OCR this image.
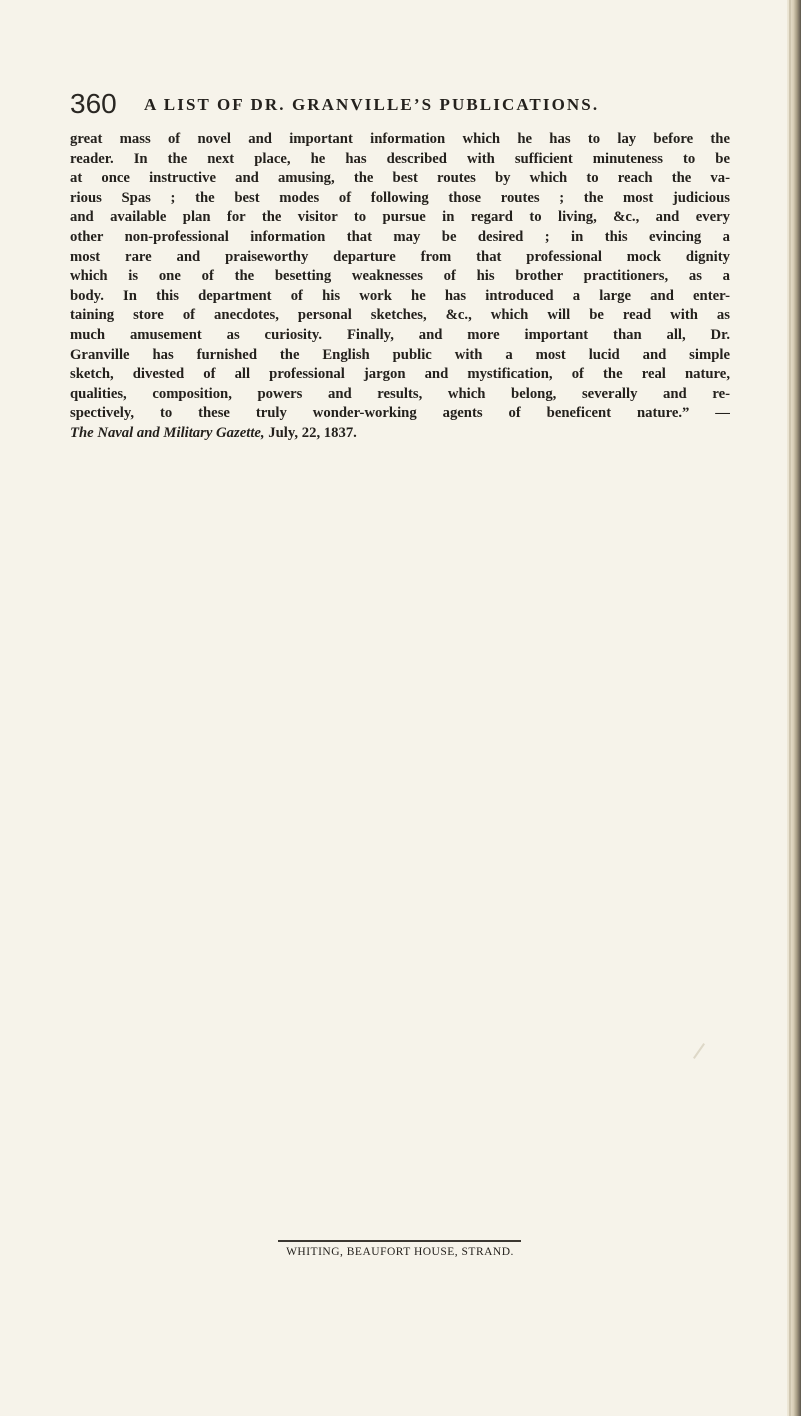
360 A LIST OF DR. GRANVILLE’S PUBLICATIONS.
great mass of novel and important information which he has to lay before the
reader. In the next place, he has described with sufficient minuteness to be
at once instructive and amusing, the best routes by which to reach the va-
rious Spas ; the best modes of following those routes ; the most judicious
and available plan for the visitor to pursue in regard to living, &c., and every
other non-professional information that may be desired ; in this evincing a
most rare and praiseworthy departure from that professional mock dignity
which is one of the besetting weaknesses of his brother practitioners, as a
body. In this department of his work he has introduced a large and enter-
taining store of anecdotes, personal sketches, &c., which will be read with as
much amusement as curiosity. Finally, and more important than all, Dr.
Granville has furnished the English public with a most lucid and simple
sketch, divested of all professional jargon and mystification, of the real nature,
qualities, composition, powers and results, which belong, severally and re-
spectively, to these truly wonder-working agents of beneficent nature.” —
The Naval and Military Gazette, July, 22, 1837.
WHITING, BEAUFORT HOUSE, STRAND.
